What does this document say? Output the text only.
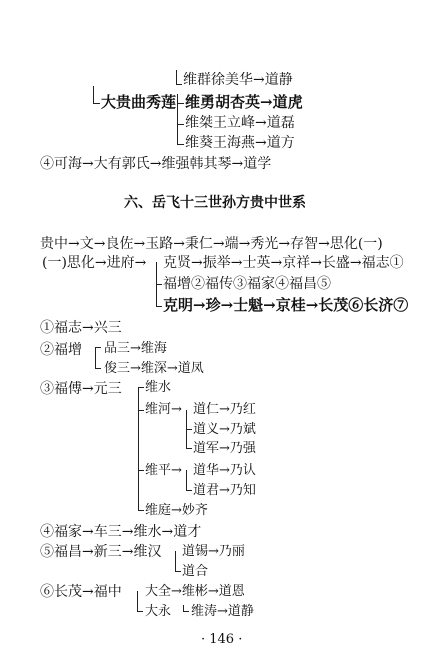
维群徐美华→道静
大贵曲秀莲 维勇胡杏英→道虎
维桀王立峰→道磊
维葵王海燕→道方
④可海→大有郭氏→维强韩其琴→道学
六、岳飞十三世孙方贵中世系
贵中→文→良佐→玉路→秉仁→端→秀光→存智→思化(一)
(一)思化→进府→ 克贤→振举→士英→京祥→长盛→福志①
福增②福传③福家④福昌⑤
克明→珍→士魁→京桂→长茂⑥长济⑦
①福志→兴三
②福增 品三→维海
俊三→维深→道凤
③福傅→元三 维水
维河→ 道仁→乃红
道义→乃斌
道军→乃强
维平→ 道华→乃认
道君→乃知
维庭→妙齐
④福家→车三→维水→道才
⑤福昌→新三→维汉 道锡→乃丽
道合
⑥长茂→福中 大全→维彬→道恩
大永 维涛→道静
· 146 ·
